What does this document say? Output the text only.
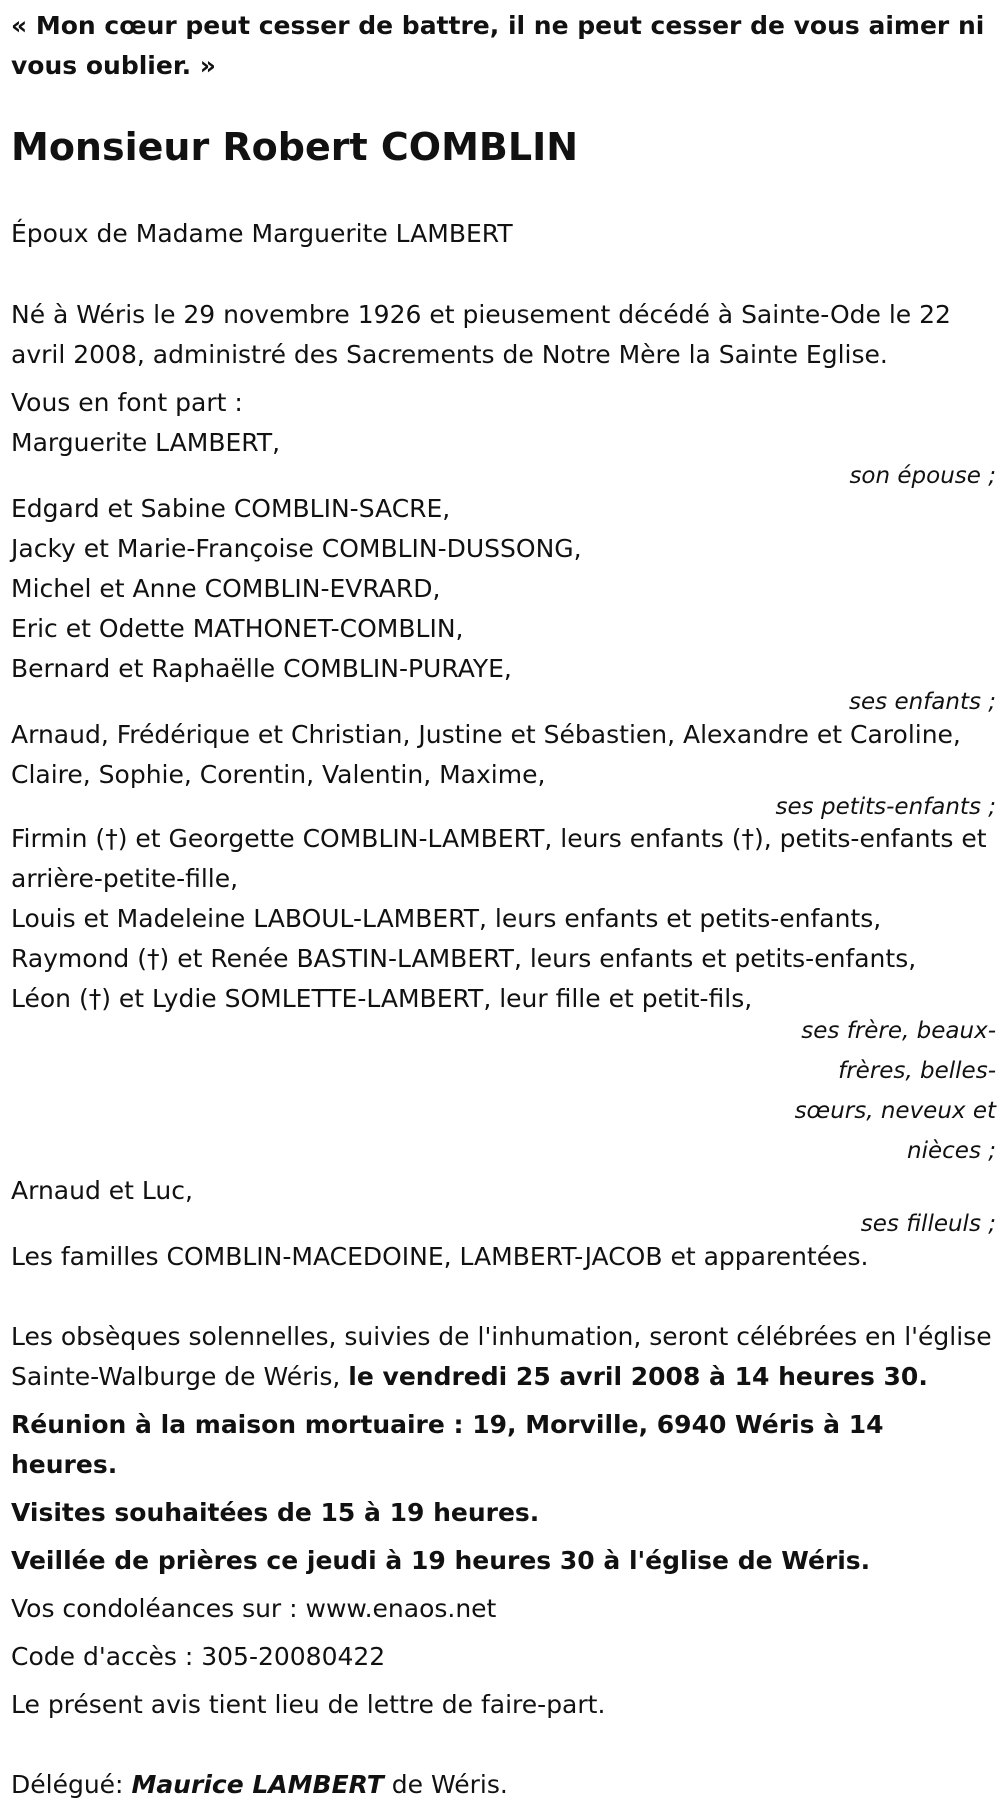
« Mon cœur peut cesser de battre, il ne peut cesser de vous aimer ni vous oublier. »

Monsieur Robert COMBLIN

Époux de Madame Marguerite LAMBERT

Né à Wéris le 29 novembre 1926 et pieusement décédé à Sainte-Ode le 22 avril 2008, administré des Sacrements de Notre Mère la Sainte Eglise.

Vous en font part :

Marguerite LAMBERT,

son épouse ;

Edgard et Sabine COMBLIN-SACRE,

Jacky et Marie-Françoise COMBLIN-DUSSONG,

Michel et Anne COMBLIN-EVRARD,

Eric et Odette MATHONET-COMBLIN,

Bernard et Raphaëlle COMBLIN-PURAYE,

ses enfants ;

Arnaud, Frédérique et Christian, Justine et Sébastien, Alexandre et Caroline, Claire, Sophie, Corentin, Valentin, Maxime,

ses petits-enfants ;

Firmin (†) et Georgette COMBLIN-LAMBERT, leurs enfants (†), petits-enfants et arrière-petite-fille,

Louis et Madeleine LABOUL-LAMBERT, leurs enfants et petits-enfants,

Raymond (†) et Renée BASTIN-LAMBERT, leurs enfants et petits-enfants,

Léon (†) et Lydie SOMLETTE-LAMBERT, leur fille et petit-fils,

ses frère, beaux-frères, belles-sœurs, neveux et nièces ;

Arnaud et Luc,

ses filleuls ;

Les familles COMBLIN-MACEDOINE, LAMBERT-JACOB et apparentées.

Les obsèques solennelles, suivies de l'inhumation, seront célébrées en l'église Sainte-Walburge de Wéris, le vendredi 25 avril 2008 à 14 heures 30.

Réunion à la maison mortuaire : 19, Morville, 6940 Wéris à 14 heures.

Visites souhaitées de 15 à 19 heures.

Veillée de prières ce jeudi à 19 heures 30 à l'église de Wéris.

Vos condoléances sur : www.enaos.net

Code d'accès : 305-20080422

Le présent avis tient lieu de lettre de faire-part.

Délégué: Maurice LAMBERT de Wéris.
